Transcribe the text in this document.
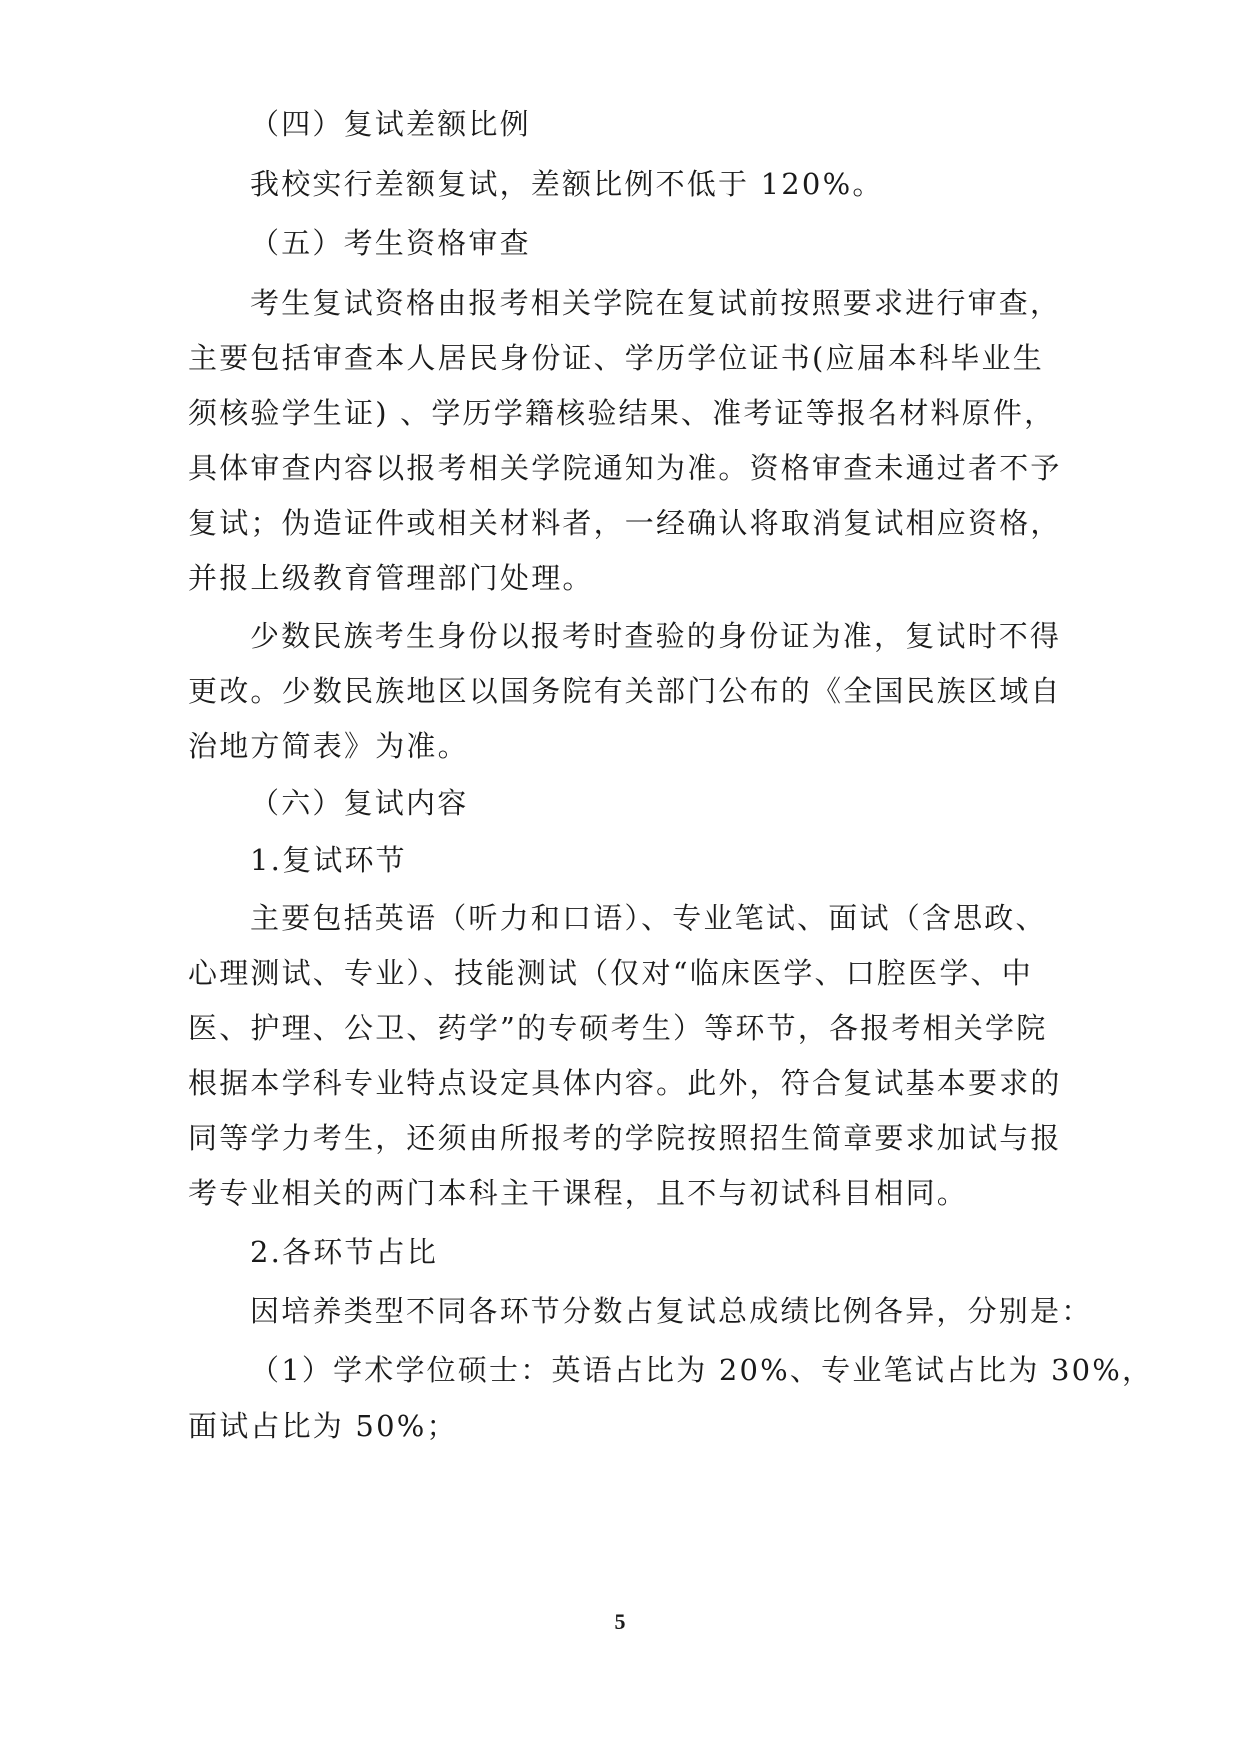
（四）复试差额比例
我校实行差额复试，差额比例不低于 120%。
（五）考生资格审查
考生复试资格由报考相关学院在复试前按照要求进行审查，
主要包括审查本人居民身份证、学历学位证书(应届本科毕业生
须核验学生证) 、学历学籍核验结果、准考证等报名材料原件，
具体审查内容以报考相关学院通知为准。资格审查未通过者不予
复试；伪造证件或相关材料者，一经确认将取消复试相应资格，
并报上级教育管理部门处理。
少数民族考生身份以报考时查验的身份证为准，复试时不得
更改。少数民族地区以国务院有关部门公布的《全国民族区域自
治地方简表》为准。
（六）复试内容
1.复试环节
主要包括英语（听力和口语）、专业笔试、面试（含思政、
心理测试、专业）、技能测试（仅对“临床医学、口腔医学、中
医、护理、公卫、药学”的专硕考生）等环节，各报考相关学院
根据本学科专业特点设定具体内容。此外，符合复试基本要求的
同等学力考生，还须由所报考的学院按照招生简章要求加试与报
考专业相关的两门本科主干课程，且不与初试科目相同。
2.各环节占比
因培养类型不同各环节分数占复试总成绩比例各异，分别是：
（1）学术学位硕士：英语占比为 20%、专业笔试占比为 30%，
面试占比为 50%；
5
